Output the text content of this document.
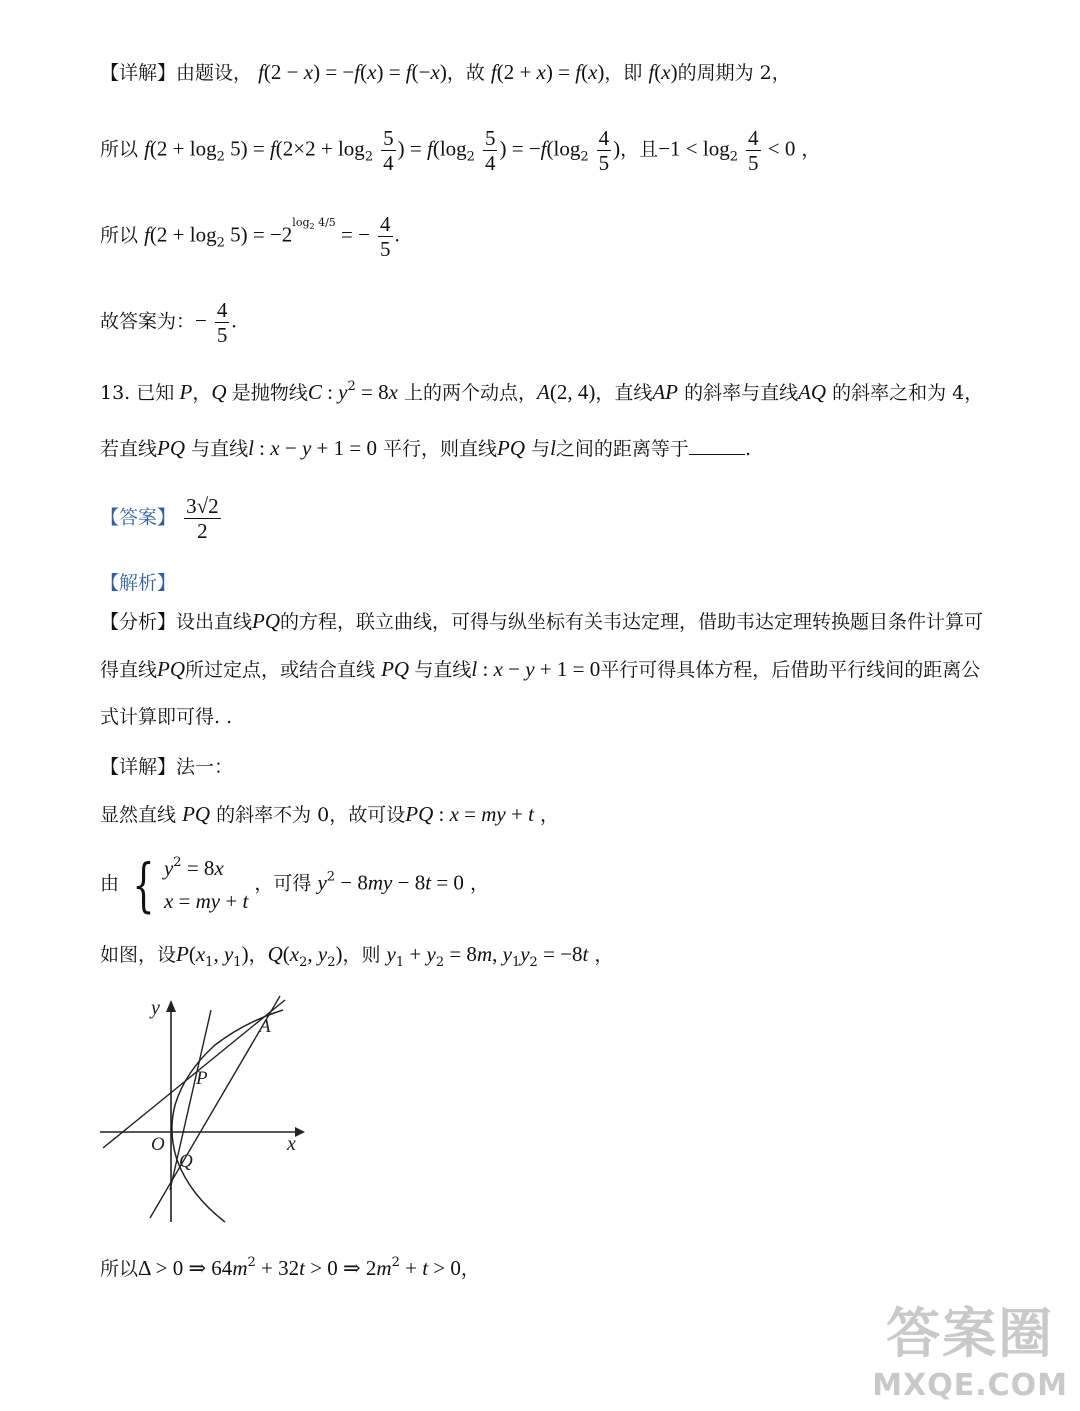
【详解】由题设， f(2 − x) = −f(x) = f(−x)，故 f(2 + x) = f(x)，即 f(x)的周期为 2，
所以 $f(2 + \log_2 5) = f(2\times 2 + \log_2 \frac{5}{4}$ ) = $f(\log_2 \frac{5}{4}$ ) = $-f(\log_2 \frac{4}{5}$ )，且$-1 < \log_2 \frac{4}{5} < 0$ ，
所以 $f(2 + \log_2 5) = -2^{log_2 4/5}$ = − $\frac{4}{5}$ .
故答案为：− $\frac{4}{5}$ .
13. 已知 P，Q 是抛物线C : $y^2 = 8x$ 上的两个动点，A(2, 4)，直线AP 的斜率与直线AQ 的斜率之和为 4，
若直线PQ 与直线l : x − y + 1 = 0 平行，则直线PQ 与l之间的距离等于	.
【答案】 $\frac{3√2}{2}$
【解析】
【分析】设出直线PQ的方程，联立曲线，可得与纵坐标有关韦达定理，借助韦达定理转换题目条件计算可
得直线PQ所过定点，或结合直线 PQ 与直线l : x − y + 1 = 0平行可得具体方程，后借助平行线间的距离公
式计算即可得. .
【详解】法一：
显然直线 PQ 的斜率不为 0，故可设PQ : x = my + t ，
由 { $y^2 = 8x$
x = my + t
，可得 $y^2 - 8my - 8t = 0$ ，
如图，设$P(x_1$, $y_1$)，$Q(x_2$, $y_2$)，则 $y_1 + y_2 = 8m$, $y_1y_2 = -8t$ ，
y
x
O
P
Q
A
所以Δ > 0 ⇒ $64m^2 + 32t > 0$ ⇒ $2m^2 + t > 0$，
答案圈
MXQE.COM
